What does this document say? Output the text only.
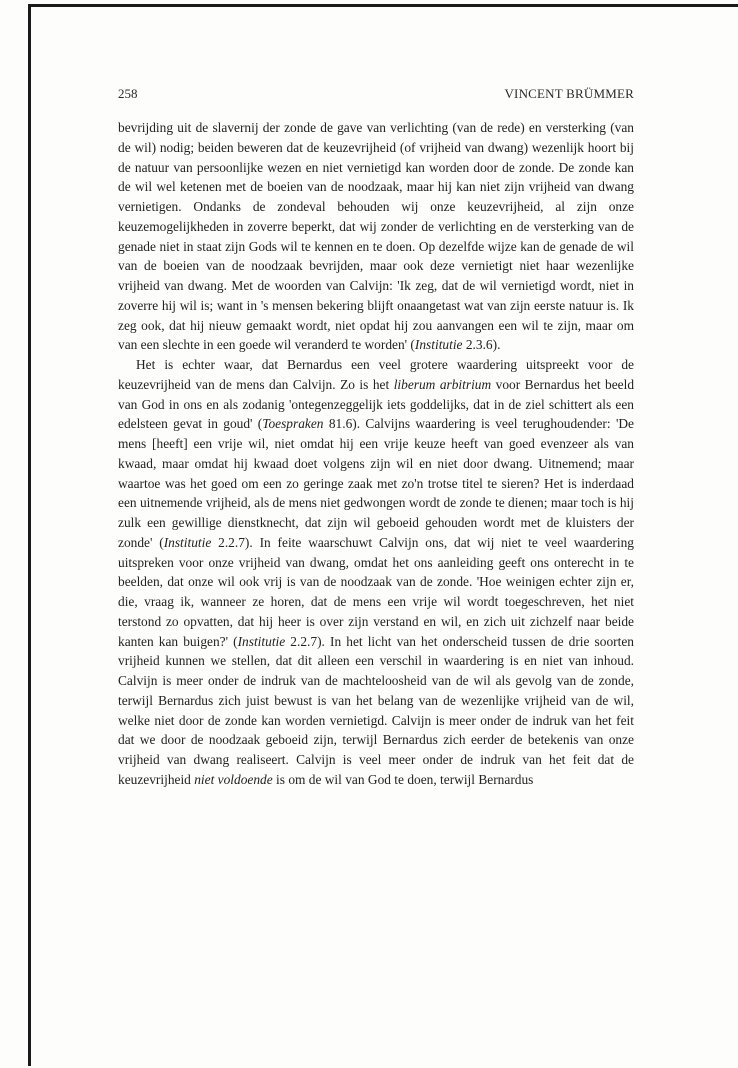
258	VINCENT BRÜMMER

bevrijding uit de slavernij der zonde de gave van verlichting (van de rede) en versterking (van de wil) nodig; beiden beweren dat de keuzevrijheid (of vrijheid van dwang) wezenlijk hoort bij de natuur van persoonlijke wezen en niet vernietigd kan worden door de zonde. De zonde kan de wil wel ketenen met de boeien van de noodzaak, maar hij kan niet zijn vrijheid van dwang vernietigen. Ondanks de zondeval behouden wij onze keuzevrijheid, al zijn onze keuzemogelijkheden in zoverre beperkt, dat wij zonder de verlichting en de versterking van de genade niet in staat zijn Gods wil te kennen en te doen. Op dezelfde wijze kan de genade de wil van de boeien van de noodzaak bevrijden, maar ook deze vernietigt niet haar wezenlijke vrijheid van dwang. Met de woorden van Calvijn: 'Ik zeg, dat de wil vernietigd wordt, niet in zoverre hij wil is; want in 's mensen bekering blijft onaangetast wat van zijn eerste natuur is. Ik zeg ook, dat hij nieuw gemaakt wordt, niet opdat hij zou aanvangen een wil te zijn, maar om van een slechte in een goede wil veranderd te worden' (Institutie 2.3.6).

Het is echter waar, dat Bernardus een veel grotere waardering uitspreekt voor de keuzevrijheid van de mens dan Calvijn. Zo is het liberum arbitrium voor Bernardus het beeld van God in ons en als zodanig 'ontegenzeggelijk iets goddelijks, dat in de ziel schittert als een edelsteen gevat in goud' (Toespraken 81.6). Calvijns waardering is veel terughoudender: 'De mens [heeft] een vrije wil, niet omdat hij een vrije keuze heeft van goed evenzeer als van kwaad, maar omdat hij kwaad doet volgens zijn wil en niet door dwang. Uitnemend; maar waartoe was het goed om een zo geringe zaak met zo'n trotse titel te sieren? Het is inderdaad een uitnemende vrijheid, als de mens niet gedwongen wordt de zonde te dienen; maar toch is hij zulk een gewillige dienstknecht, dat zijn wil geboeid gehouden wordt met de kluisters der zonde' (Institutie 2.2.7). In feite waarschuwt Calvijn ons, dat wij niet te veel waardering uitspreken voor onze vrijheid van dwang, omdat het ons aanleiding geeft ons onterecht in te beelden, dat onze wil ook vrij is van de noodzaak van de zonde. 'Hoe weinigen echter zijn er, die, vraag ik, wanneer ze horen, dat de mens een vrije wil wordt toegeschreven, het niet terstond zo opvatten, dat hij heer is over zijn verstand en wil, en zich uit zichzelf naar beide kanten kan buigen?' (Institutie 2.2.7). In het licht van het onderscheid tussen de drie soorten vrijheid kunnen we stellen, dat dit alleen een verschil in waardering is en niet van inhoud. Calvijn is meer onder de indruk van de machteloosheid van de wil als gevolg van de zonde, terwijl Bernardus zich juist bewust is van het belang van de wezenlijke vrijheid van de wil, welke niet door de zonde kan worden vernietigd. Calvijn is meer onder de indruk van het feit dat we door de noodzaak geboeid zijn, terwijl Bernardus zich eerder de betekenis van onze vrijheid van dwang realiseert. Calvijn is veel meer onder de indruk van het feit dat de keuzevrijheid niet voldoende is om de wil van God te doen, terwijl Bernardus
